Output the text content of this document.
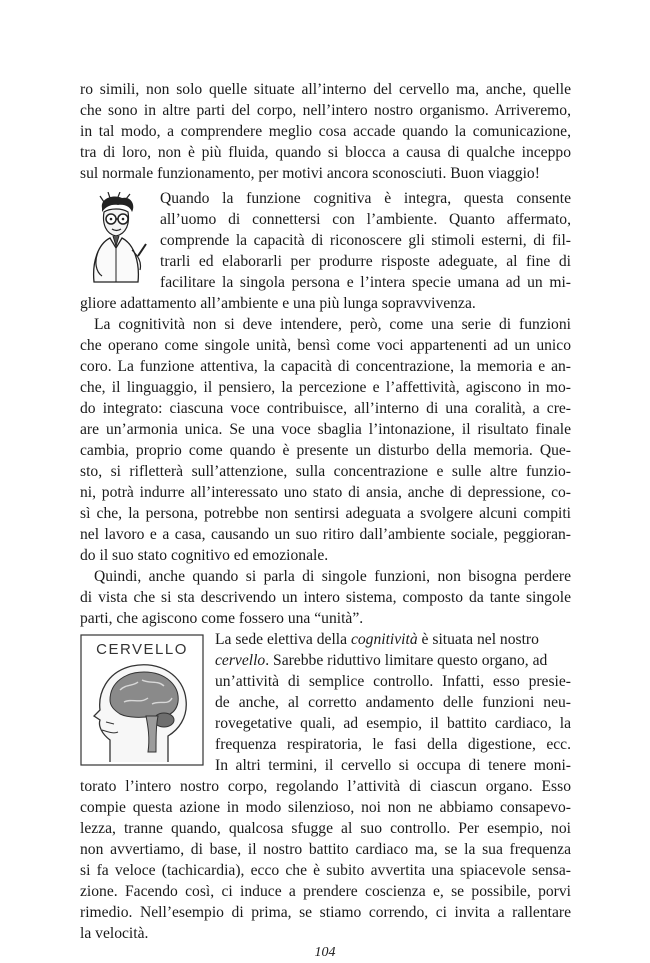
ro simili, non solo quelle situate all’interno del cervello ma, anche, quelle
che sono in altre parti del corpo, nell’intero nostro organismo. Arriveremo,
in tal modo, a comprendere meglio cosa accade quando la comunicazione,
tra di loro, non è più fluida, quando si blocca a causa di qualche inceppo
sul normale funzionamento, per motivi ancora sconosciuti. Buon viaggio!
Quando la funzione cognitiva è integra, questa consente
all’uomo di connettersi con l’ambiente. Quanto affermato,
comprende la capacità di riconoscere gli stimoli esterni, di fil-
trarli ed elaborarli per produrre risposte adeguate, al fine di
facilitare la singola persona e l’intera specie umana ad un mi-
gliore adattamento all’ambiente e una più lunga sopravvivenza.
La cognitività non si deve intendere, però, come una serie di funzioni
che operano come singole unità, bensì come voci appartenenti ad un unico
coro. La funzione attentiva, la capacità di concentrazione, la memoria e an-
che, il linguaggio, il pensiero, la percezione e l’affettività, agiscono in mo-
do integrato: ciascuna voce contribuisce, all’interno di una coralità, a cre-
are un’armonia unica. Se una voce sbaglia l’intonazione, il risultato finale
cambia, proprio come quando è presente un disturbo della memoria. Que-
sto, si rifletterà sull’attenzione, sulla concentrazione e sulle altre funzio-
ni, potrà indurre all’interessato uno stato di ansia, anche di depressione, co-
sì che, la persona, potrebbe non sentirsi adeguata a svolgere alcuni compiti
nel lavoro e a casa, causando un suo ritiro dall’ambiente sociale, peggioran-
do il suo stato cognitivo ed emozionale.
Quindi, anche quando si parla di singole funzioni, non bisogna perdere
di vista che si sta descrivendo un intero sistema, composto da tante singole
parti, che agiscono come fossero una “unità”.
CERVELLO
La sede elettiva della cognitività è situata nel nostro
cervello. Sarebbe riduttivo limitare questo organo, ad
un’attività di semplice controllo. Infatti, esso presie-
de anche, al corretto andamento delle funzioni neu-
rovegetative quali, ad esempio, il battito cardiaco, la
frequenza respiratoria, le fasi della digestione, ecc.
In altri termini, il cervello si occupa di tenere moni-
torato l’intero nostro corpo, regolando l’attività di ciascun organo. Esso
compie questa azione in modo silenzioso, noi non ne abbiamo consapevo-
lezza, tranne quando, qualcosa sfugge al suo controllo. Per esempio, noi
non avvertiamo, di base, il nostro battito cardiaco ma, se la sua frequenza
si fa veloce (tachicardia), ecco che è subito avvertita una spiacevole sensa-
zione. Facendo così, ci induce a prendere coscienza e, se possibile, porvi
rimedio. Nell’esempio di prima, se stiamo correndo, ci invita a rallentare
la velocità.
104
